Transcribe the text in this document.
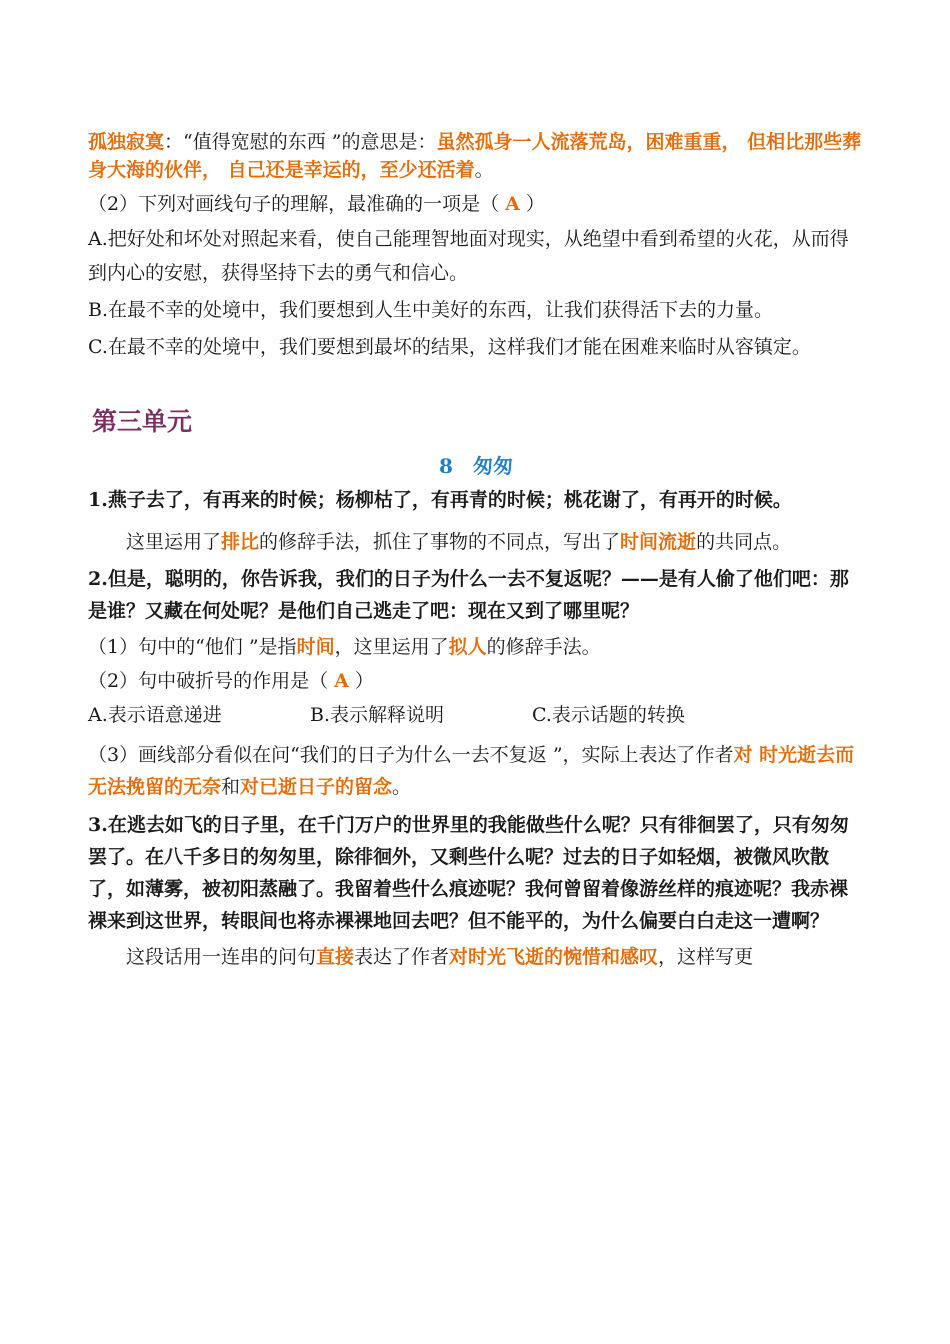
孤独寂寞：“值得宽慰的东西 ”的意思是：虽然孤身一人流落荒岛，困难重重， 但相比那些葬身大海的伙伴， 自己还是幸运的，至少还活着。

（2）下列对画线句子的理解，最准确的一项是（ A ）

A.把好处和坏处对照起来看，使自己能理智地面对现实，从绝望中看到希望的火花，从而得到内心的安慰，获得坚持下去的勇气和信心。

B.在最不幸的处境中，我们要想到人生中美好的东西，让我们获得活下去的力量。

C.在最不幸的处境中，我们要想到最坏的结果，这样我们才能在困难来临时从容镇定。

第三单元
8　匆匆

1.燕子去了，有再来的时候；杨柳枯了，有再青的时候；桃花谢了，有再开的时候。

这里运用了排比的修辞手法，抓住了事物的不同点，写出了时间流逝的共同点。

2.但是，聪明的，你告诉我，我们的日子为什么一去不复返呢？——是有人偷了他们吧：那是谁？又藏在何处呢？是他们自己逃走了吧：现在又到了哪里呢？

（1）句中的“他们 ”是指时间，这里运用了拟人的修辞手法。

（2）句中破折号的作用是（ A ）

A.表示语意递进	B.表示解释说明	C.表示话题的转换

（3）画线部分看似在问“我们的日子为什么一去不复返 ”，实际上表达了作者对 时光逝去而无法挽留的无奈和对已逝日子的留念。

3.在逃去如飞的日子里，在千门万户的世界里的我能做些什么呢？只有徘徊罢了，只有匆匆罢了。在八千多日的匆匆里，除徘徊外，又剩些什么呢？过去的日子如轻烟，被微风吹散了，如薄雾，被初阳蒸融了。我留着些什么痕迹呢？我何曾留着像游丝样的痕迹呢？我赤裸裸来到这世界，转眼间也将赤裸裸地回去吧？但不能平的，为什么偏要白白走这一遭啊？

这段话用一连串的问句直接表达了作者对时光飞逝的惋惜和感叹，这样写更
